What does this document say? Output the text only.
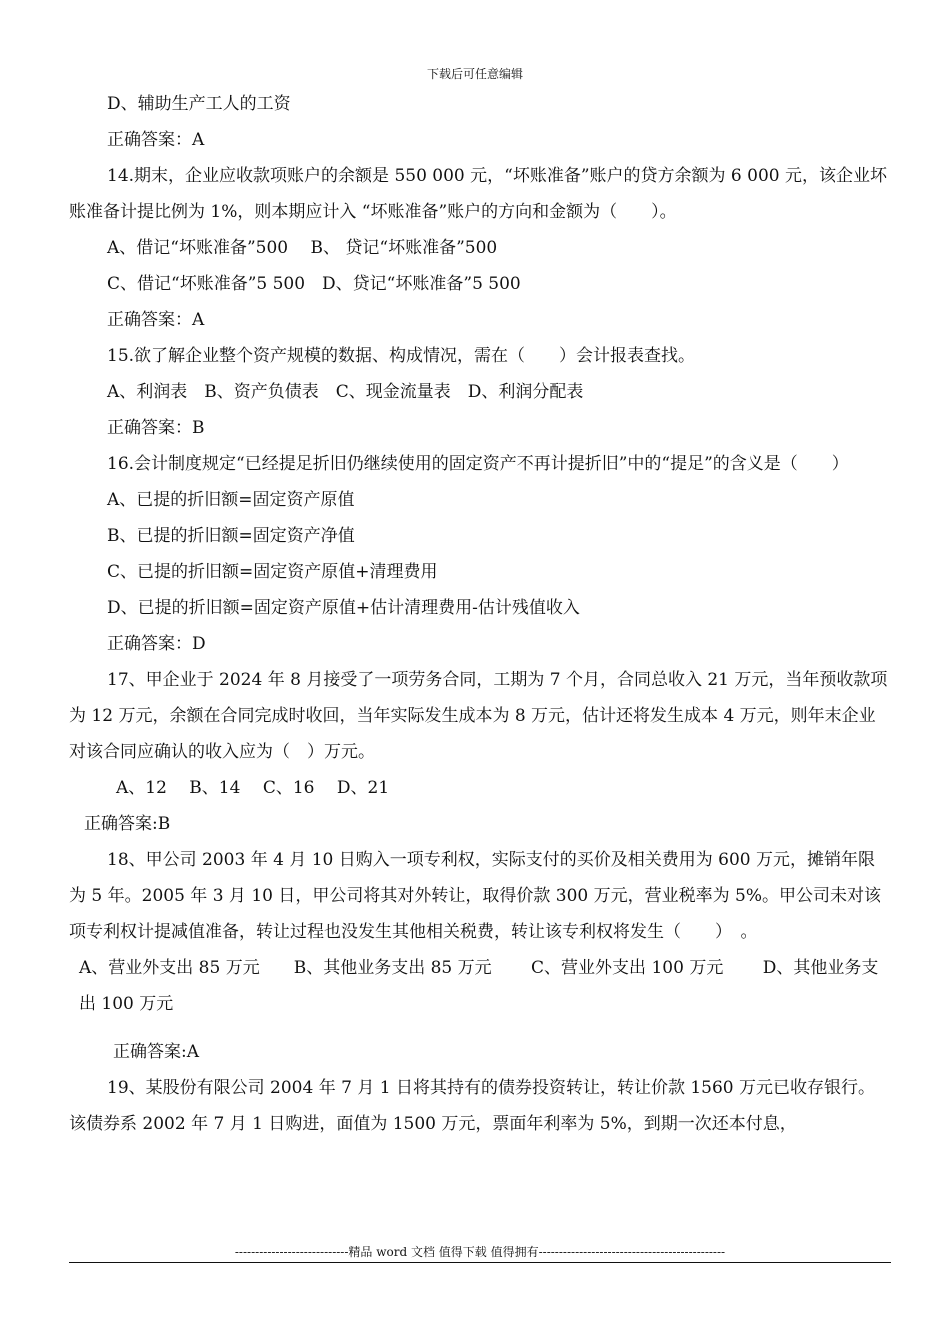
下载后可任意编辑

D、辅助生产工人的工资

正确答案：A

14.期末，企业应收款项账户的余额是 550 000 元，“坏账准备”账户的贷方余额为 6 000 元，该企业坏账准备计提比例为 1%，则本期应计入 “坏账准备”账户的方向和金额为（　　）。

A、借记“坏账准备”500　 B、 贷记“坏账准备”500

C、借记“坏账准备”5 500　D、贷记“坏账准备”5 500

正确答案：A

15.欲了解企业整个资产规模的数据、构成情况，需在（　　）会计报表查找。

A、利润表　B、资产负债表　C、现金流量表　D、利润分配表

正确答案：B

16.会计制度规定“已经提足折旧仍继续使用的固定资产不再计提折旧”中的“提足”的含义是（　　）

A、已提的折旧额=固定资产原值

B、已提的折旧额=固定资产净值

C、已提的折旧额=固定资产原值+清理费用

D、已提的折旧额=固定资产原值+估计清理费用-估计残值收入

正确答案：D

17、甲企业于 2024 年 8 月接受了一项劳务合同，工期为 7 个月，合同总收入 21 万元，当年预收款项为 12 万元，余额在合同完成时收回，当年实际发生成本为 8 万元，估计还将发生成本 4 万元，则年末企业对该合同应确认的收入应为（　）万元。

A、12　 B、14　 C、16　 D、21

正确答案:B

18、甲公司 2003 年 4 月 10 日购入一项专利权，实际支付的买价及相关费用为 600 万元，摊销年限为 5 年。2005 年 3 月 10 日，甲公司将其对外转让，取得价款 300 万元，营业税率为 5%。甲公司未对该项专利权计提减值准备，转让过程也没发生其他相关税费，转让该专利权将发生（　　）　。

A、营业外支出 85 万元　　B、其他业务支出 85 万元　　 C、营业外支出 100 万元　　 D、其他业务支出 100 万元

正确答案:A

19、某股份有限公司 2004 年 7 月 1 日将其持有的债券投资转让，转让价款 1560 万元已收存银行。该债券系 2002 年 7 月 1 日购进，面值为 1500 万元，票面年利率为 5%，到期一次还本付息，

----------------------------精品 word 文档 值得下载 值得拥有----------------------------------------------
